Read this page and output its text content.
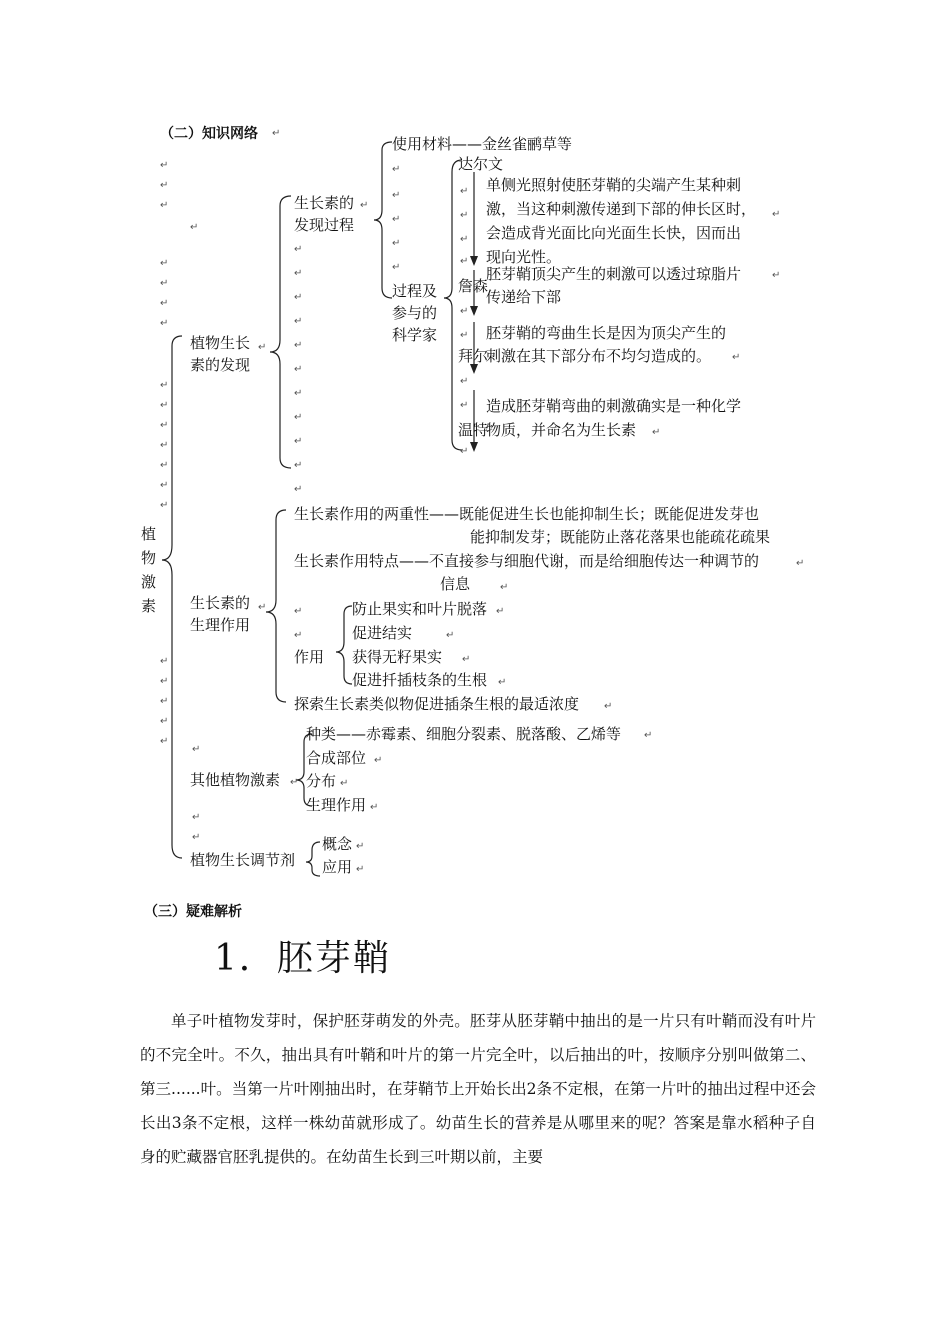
（二）知识网络
植物激素
植物生长素的发现
生长素的发现过程
使用材料——金丝雀鹂草等
过程及参与的科学家
达尔文
单侧光照射使胚芽鞘的尖端产生某种刺
激，当这种刺激传递到下部的伸长区时，
会造成背光面比向光面生长快，因而出
现向光性。
詹森
胚芽鞘顶尖产生的刺激可以透过琼脂片
传递给下部
拜尔
胚芽鞘的弯曲生长是因为顶尖产生的
刺激在其下部分布不均匀造成的。
温特
造成胚芽鞘弯曲的刺激确实是一种化学
物质，并命名为生长素
生长素的生理作用
生长素作用的两重性——既能促进生长也能抑制生长；既能促进发芽也
能抑制发芽；既能防止落花落果也能疏花疏果
生长素作用特点——不直接参与细胞代谢，而是给细胞传达一种调节的
信息
作用
防止果实和叶片脱落
促进结实
获得无籽果实
促进扦插枝条的生根
探索生长素类似物促进插条生根的最适浓度
其他植物激素
种类——赤霉素、细胞分裂素、脱落酸、乙烯等
合成部位
分布
生理作用
植物生长调节剂
概念
应用
↵
↵
↵
↵
↵
↵
↵
↵
↵
↵
↵
↵
↵
↵
↵
↵
↵
↵
↵
↵
↵
↵
↵
↵
↵
↵
↵
↵
↵
↵
↵
↵
↵
↵
↵
↵
↵
↵
↵
↵
↵
↵
↵
↵
↵
↵
↵
↵
↵
↵
↵
↵
↵
↵
↵
↵
↵
↵
↵
↵
↵
↵
↵
↵
↵
↵
↵
↵
↵
↵
↵
↵
（三）疑难解析
1．胚芽鞘

单子叶植物发芽时，保护胚芽萌发的外壳。胚芽从胚芽鞘中抽出的是一片只有叶鞘而没有叶片的不完全叶。不久，抽出具有叶鞘和叶片的第一片完全叶，以后抽出的叶，按顺序分别叫做第二、第三......叶。当第一片叶刚抽出时，在芽鞘节上开始长出2条不定根，在第一片叶的抽出过程中还会长出3条不定根，这样一株幼苗就形成了。幼苗生长的营养是从哪里来的呢？答案是靠水稻种子自身的贮藏器官胚乳提供的。在幼苗生长到三叶期以前，主要
